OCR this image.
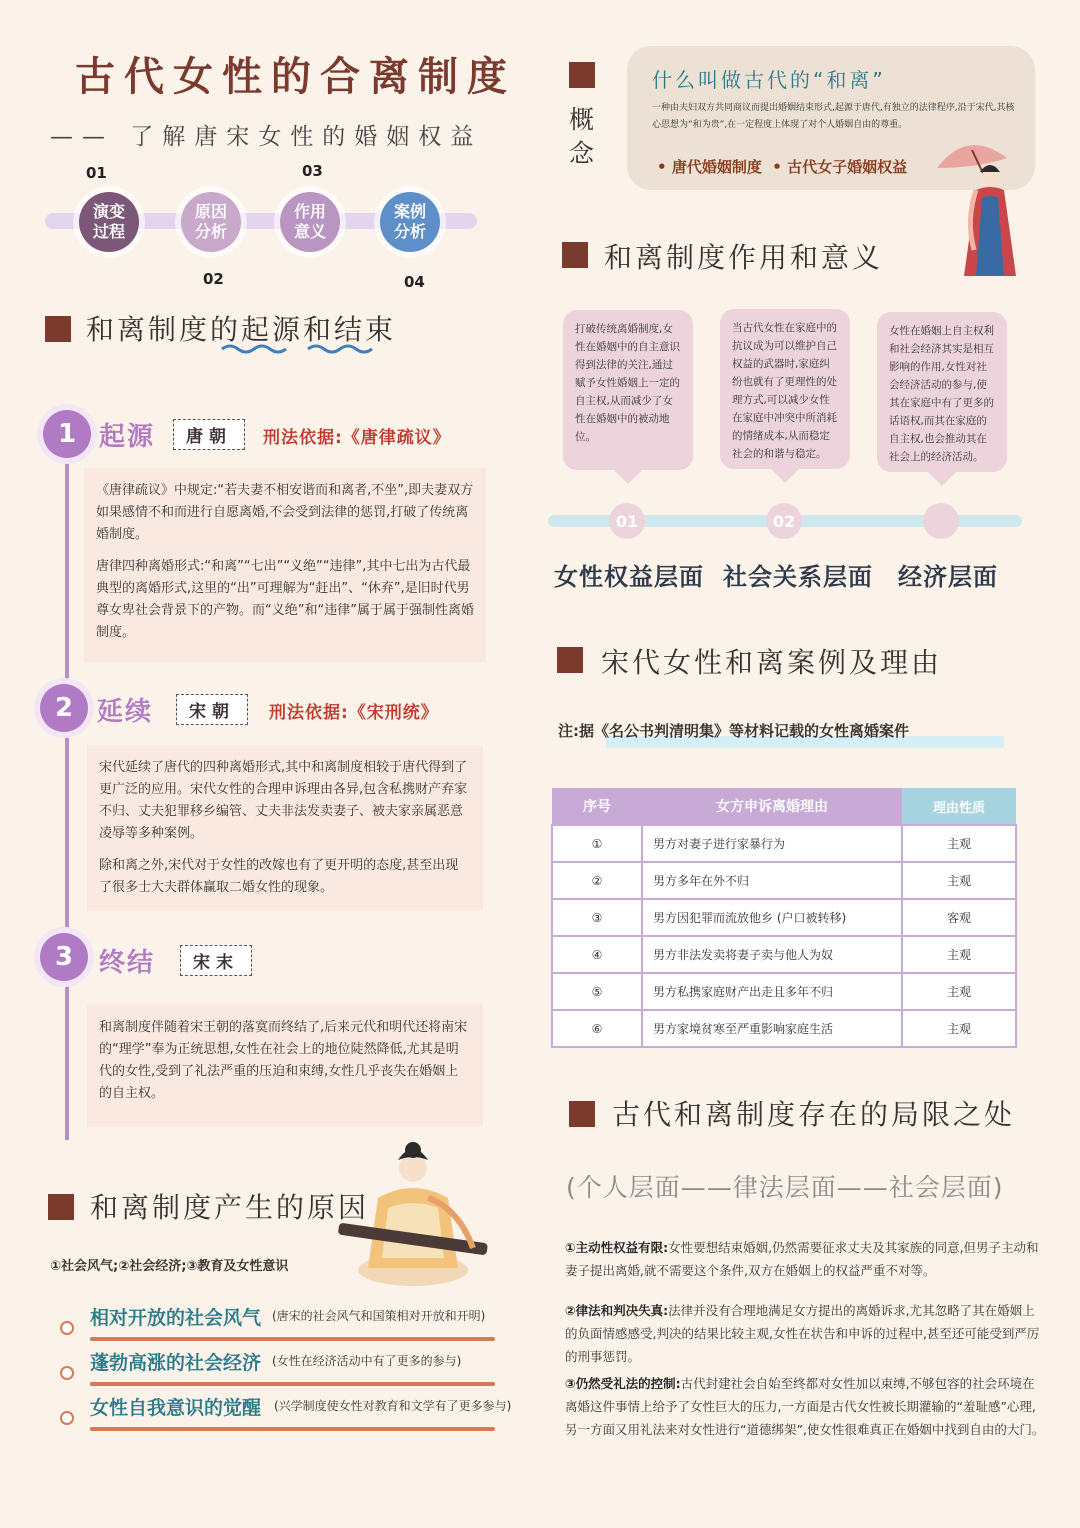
古代女性的合离制度
—— 了解唐宋女性的婚姻权益
01
02
03
04
演变过程
原因分析
作用意义
案例分析
和离制度的起源和结束
1 起源	唐朝	刑法依据:《唐律疏议》

《唐律疏议》中规定:“若夫妻不相安谐而和离者,不坐”,即夫妻双方如果感情不和而进行自愿离婚,不会受到法律的惩罚,打破了传统离婚制度。

唐律四种离婚形式:“和离”“七出”“义绝”“违律”,其中七出为古代最典型的离婚形式,这里的“出”可理解为“赶出”、“休弃”,是旧时代男尊女卑社会背景下的产物。而“义绝”和“违律”属于属于强制性离婚制度。

2 延续	宋朝	刑法依据:《宋刑统》

宋代延续了唐代的四种离婚形式,其中和离制度相较于唐代得到了更广泛的应用。宋代女性的合理申诉理由各异,包含私携财产弃家不归、丈夫犯罪移乡编管、丈夫非法发卖妻子、被夫家亲属恶意凌辱等多种案例。

除和离之外,宋代对于女性的改嫁也有了更开明的态度,甚至出现了很多士大夫群体赢取二婚女性的现象。

3 终结	宋末

和离制度伴随着宋王朝的落寞而终结了,后来元代和明代还将南宋的“理学”奉为正统思想,女性在社会上的地位陡然降低,尤其是明代的女性,受到了礼法严重的压迫和束缚,女性几乎丧失在婚姻上的自主权。

和离制度产生的原因
①社会风气;②社会经济;③教育及女性意识
相对开放的社会风气 (唐宋的社会风气和国策相对开放和开明)
蓬勃高涨的社会经济 (女性在经济活动中有了更多的参与)
女性自我意识的觉醒 (兴学制度使女性对教育和文学有了更多参与)
概念
什么叫做古代的“和离”
一种由夫妇双方共同商议而提出婚姻结束形式,起源于唐代,有独立的法律程序,沿于宋代,其核心思想为“和为贵”,在一定程度上体现了对个人婚姻自由的尊重。
• 唐代婚姻制度 • 古代女子婚姻权益
和离制度作用和意义
打破传统离婚制度,女性在婚姻中的自主意识得到法律的关注,通过赋予女性婚姻上一定的自主权,从而减少了女性在婚姻中的被动地位。
当古代女性在家庭中的抗议成为可以维护自己权益的武器时,家庭纠纷也就有了更理性的处理方式,可以减少女性在家庭中冲突中所消耗的情绪成本,从而稳定社会的和谐与稳定。
女性在婚姻上自主权利和社会经济其实是相互影响的作用,女性对社会经济活动的参与,使其在家庭中有了更多的话语权,而其在家庭的自主权,也会推动其在社会上的经济活动。
01	02
女性权益层面 社会关系层面 经济层面
宋代女性和离案例及理由
注:据《名公书判清明集》等材料记载的女性离婚案件
序号	女方申诉离婚理由	理由性质
①	男方对妻子进行家暴行为	主观
②	男方多年在外不归	主观
③	男方因犯罪而流放他乡 (户口被转移)	客观
④	男方非法发卖将妻子卖与他人为奴	主观
⑤	男方私携家庭财产出走且多年不归	主观
⑥	男方家境贫寒至严重影响家庭生活	主观
古代和离制度存在的局限之处
(个人层面——律法层面——社会层面)
①主动性权益有限:女性要想结束婚姻,仍然需要征求丈夫及其家族的同意,但男子主动和妻子提出离婚,就不需要这个条件,双方在婚姻上的权益严重不对等。
②律法和判决失真:法律并没有合理地满足女方提出的离婚诉求,尤其忽略了其在婚姻上的负面情感感受,判决的结果比较主观,女性在状告和申诉的过程中,甚至还可能受到严厉的刑事惩罚。
③仍然受礼法的控制:古代封建社会自始至终都对女性加以束缚,不够包容的社会环境在离婚这件事情上给予了女性巨大的压力,一方面是古代女性被长期灌输的“羞耻感”心理,另一方面又用礼法来对女性进行“道德绑架”,使女性很难真正在婚姻中找到自由的大门。
